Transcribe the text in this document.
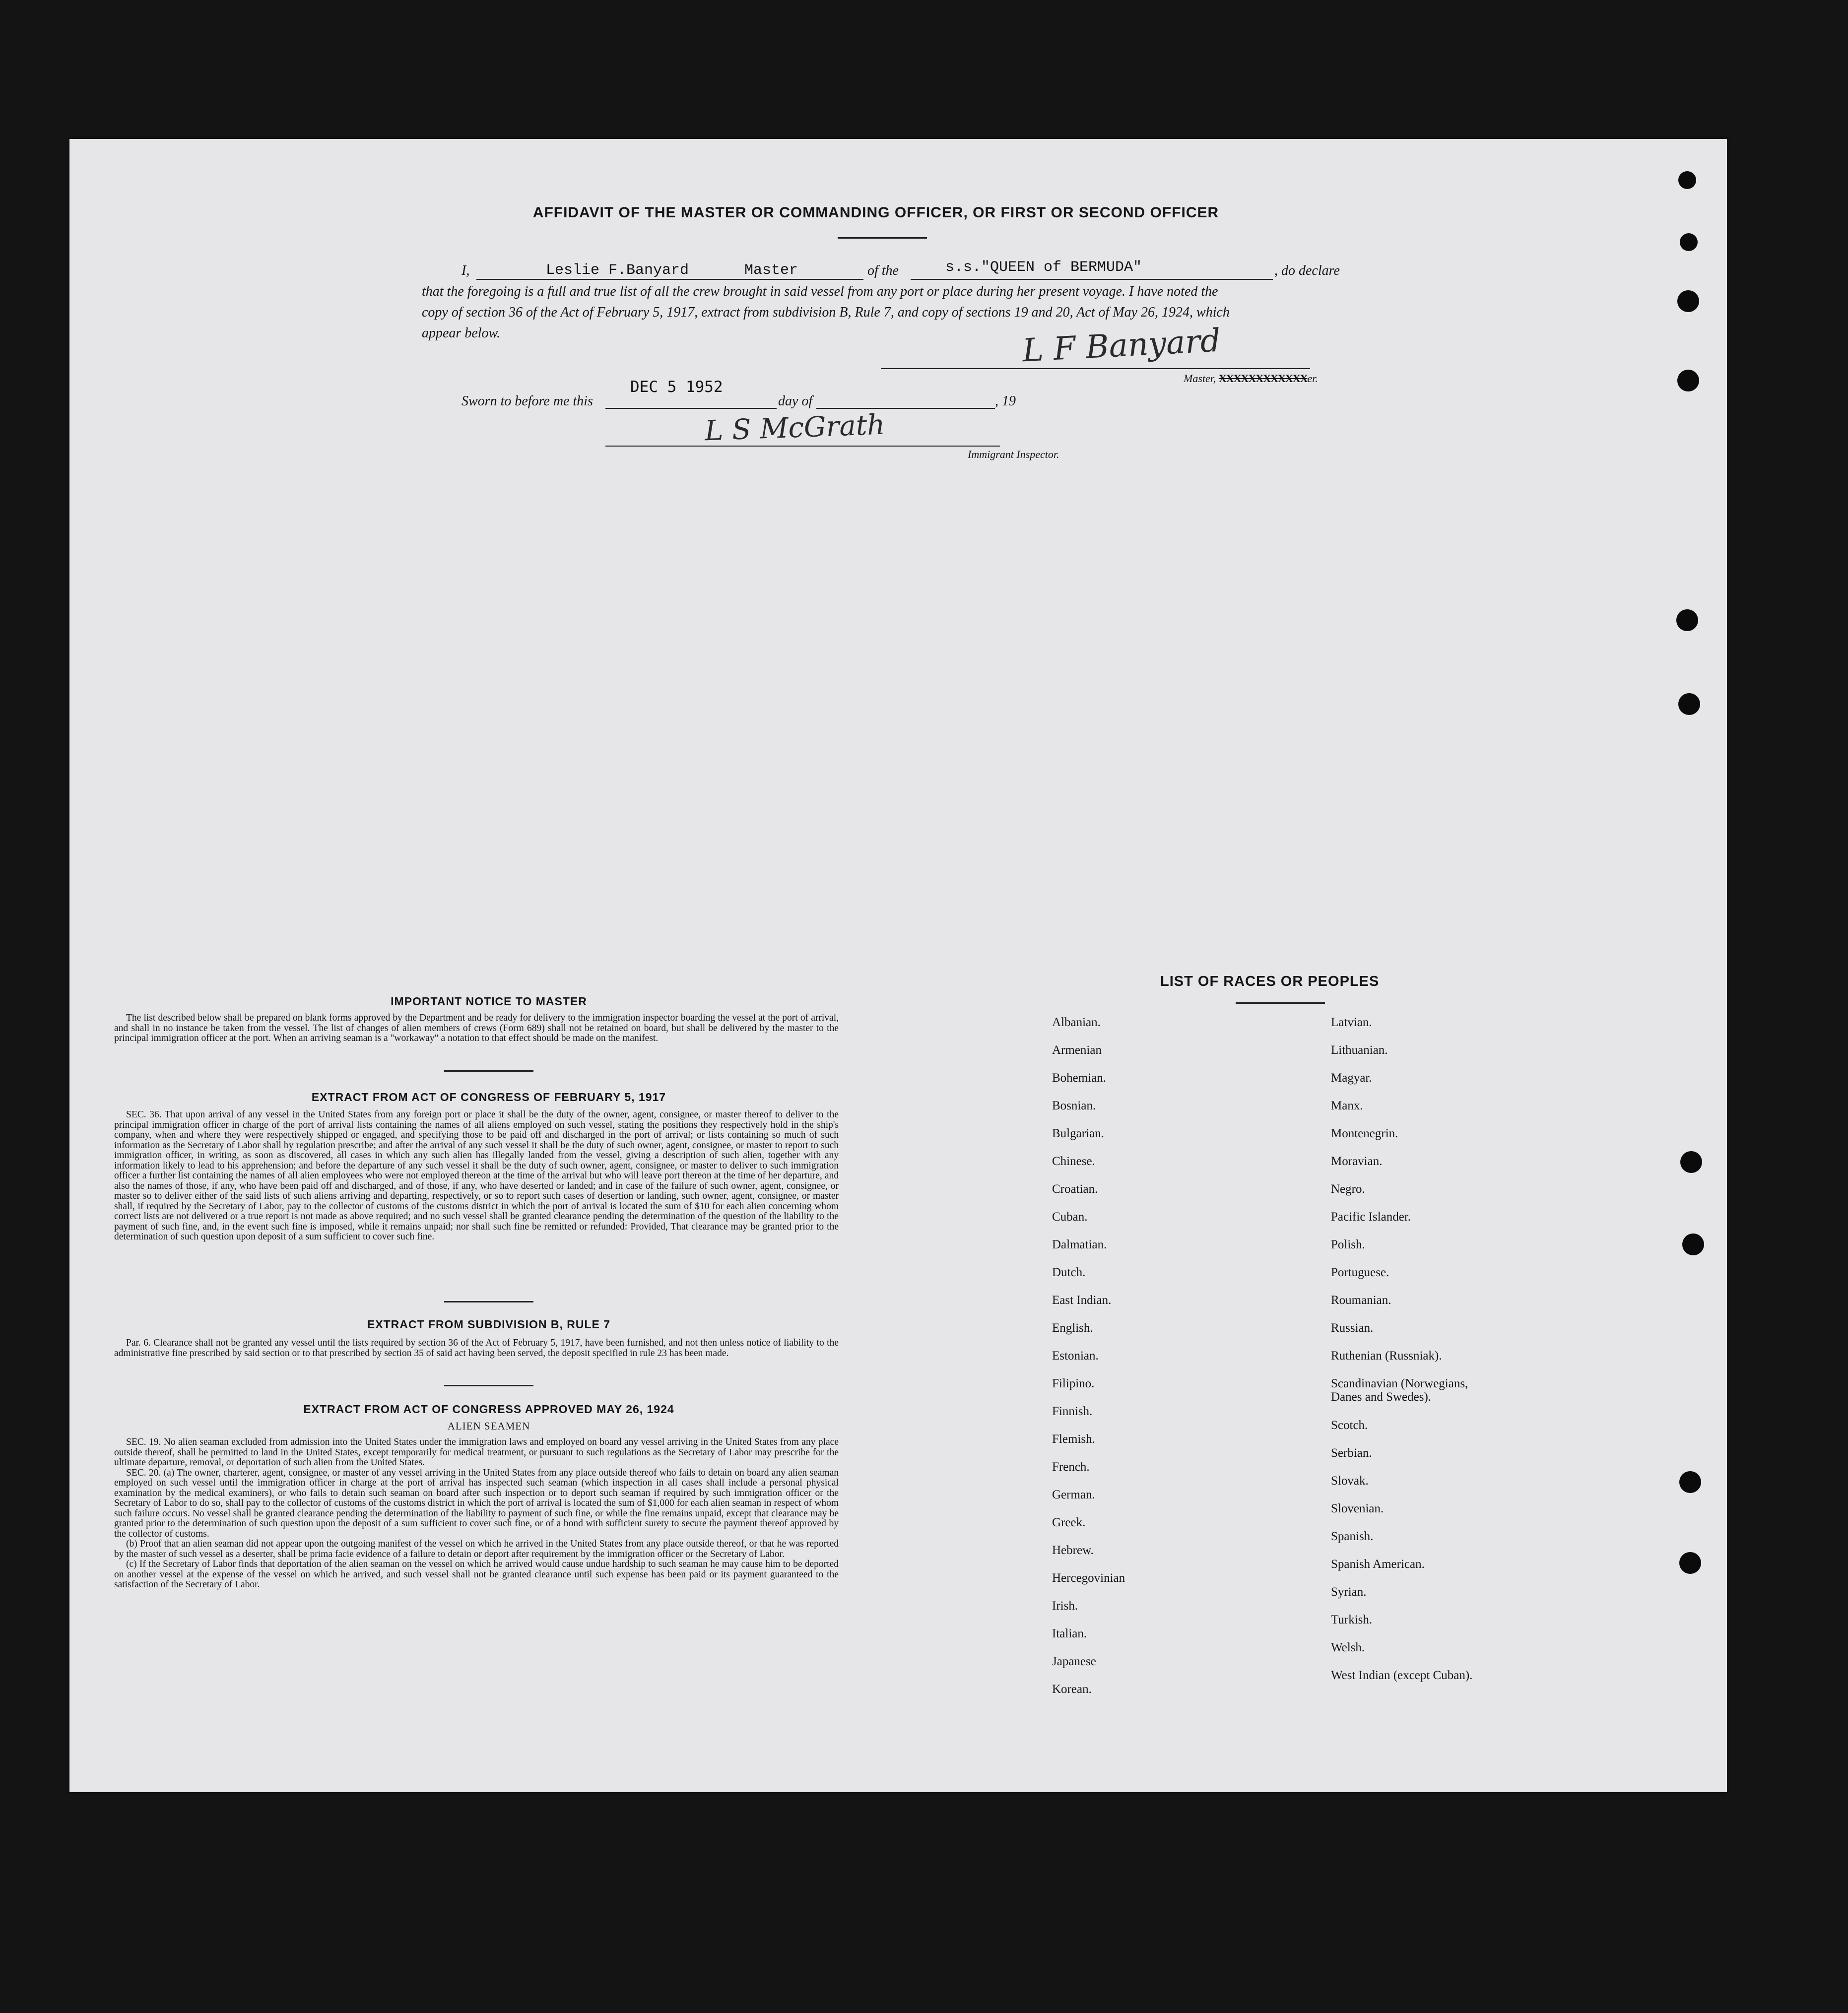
AFFIDAVIT OF THE MASTER OR COMMANDING OFFICER, OR FIRST OR SECOND OFFICER
I,	Leslie F.Banyard	Master	of the	s.s."QUEEN of BERMUDA"	, do declare
that the foregoing is a full and true list of all the crew brought in said vessel from any port or place during her present voyage. I have noted the
copy of section 36 of the Act of February 5, 1917, extract from subdivision B, Rule 7, and copy of sections 19 and 20, Act of May 26, 1924, which
appear below.	L F Banyard
Master, XXXXXXXXXXXXer.
Sworn to before me this
DEC 5 1952
day of	, 19
L S McGrath
Immigrant Inspector.
IMPORTANT NOTICE TO MASTER

The list described below shall be prepared on blank forms approved by the Department and be ready for delivery to the immigration inspector boarding the vessel at the port of arrival, and shall in no instance be taken from the vessel. The list of changes of alien members of crews (Form 689) shall not be retained on board, but shall be delivered by the master to the principal immigration officer at the port. When an arriving seaman is a "workaway" a notation to that effect should be made on the manifest.

EXTRACT FROM ACT OF CONGRESS OF FEBRUARY 5, 1917

SEC. 36. That upon arrival of any vessel in the United States from any foreign port or place it shall be the duty of the owner, agent, consignee, or master thereof to deliver to the principal immigration officer in charge of the port of arrival lists containing the names of all aliens employed on such vessel, stating the positions they respectively hold in the ship's company, when and where they were respectively shipped or engaged, and specifying those to be paid off and discharged in the port of arrival; or lists containing so much of such information as the Secretary of Labor shall by regulation prescribe; and after the arrival of any such vessel it shall be the duty of such owner, agent, consignee, or master to report to such immigration officer, in writing, as soon as discovered, all cases in which any such alien has illegally landed from the vessel, giving a description of such alien, together with any information likely to lead to his apprehension; and before the departure of any such vessel it shall be the duty of such owner, agent, consignee, or master to deliver to such immigration officer a further list containing the names of all alien employees who were not employed thereon at the time of the arrival but who will leave port thereon at the time of her departure, and also the names of those, if any, who have been paid off and discharged, and of those, if any, who have deserted or landed; and in case of the failure of such owner, agent, consignee, or master so to deliver either of the said lists of such aliens arriving and departing, respectively, or so to report such cases of desertion or landing, such owner, agent, consignee, or master shall, if required by the Secretary of Labor, pay to the collector of customs of the customs district in which the port of arrival is located the sum of $10 for each alien concerning whom correct lists are not delivered or a true report is not made as above required; and no such vessel shall be granted clearance pending the determination of the question of the liability to the payment of such fine, and, in the event such fine is imposed, while it remains unpaid; nor shall such fine be remitted or refunded: Provided, That clearance may be granted prior to the determination of such question upon deposit of a sum sufficient to cover such fine.

EXTRACT FROM SUBDIVISION B, RULE 7

Par. 6. Clearance shall not be granted any vessel until the lists required by section 36 of the Act of February 5, 1917, have been furnished, and not then unless notice of liability to the administrative fine prescribed by said section or to that prescribed by section 35 of said act having been served, the deposit specified in rule 23 has been made.

EXTRACT FROM ACT OF CONGRESS APPROVED MAY 26, 1924
ALIEN SEAMEN

SEC. 19. No alien seaman excluded from admission into the United States under the immigration laws and employed on board any vessel arriving in the United States from any place outside thereof, shall be permitted to land in the United States, except temporarily for medical treatment, or pursuant to such regulations as the Secretary of Labor may prescribe for the ultimate departure, removal, or deportation of such alien from the United States.

SEC. 20. (a) The owner, charterer, agent, consignee, or master of any vessel arriving in the United States from any place outside thereof who fails to detain on board any alien seaman employed on such vessel until the immigration officer in charge at the port of arrival has inspected such seaman (which inspection in all cases shall include a personal physical examination by the medical examiners), or who fails to detain such seaman on board after such inspection or to deport such seaman if required by such immigration officer or the Secretary of Labor to do so, shall pay to the collector of customs of the customs district in which the port of arrival is located the sum of $1,000 for each alien seaman in respect of whom such failure occurs. No vessel shall be granted clearance pending the determination of the liability to payment of such fine, or while the fine remains unpaid, except that clearance may be granted prior to the determination of such question upon the deposit of a sum sufficient to cover such fine, or of a bond with sufficient surety to secure the payment thereof approved by the collector of customs.

(b) Proof that an alien seaman did not appear upon the outgoing manifest of the vessel on which he arrived in the United States from any place outside thereof, or that he was reported by the master of such vessel as a deserter, shall be prima facie evidence of a failure to detain or deport after requirement by the immigration officer or the Secretary of Labor.

(c) If the Secretary of Labor finds that deportation of the alien seaman on the vessel on which he arrived would cause undue hardship to such seaman he may cause him to be deported on another vessel at the expense of the vessel on which he arrived, and such vessel shall not be granted clearance until such expense has been paid or its payment guaranteed to the satisfaction of the Secretary of Labor.

LIST OF RACES OR PEOPLES
Albanian.
Armenian
Bohemian.
Bosnian.
Bulgarian.
Chinese.
Croatian.
Cuban.
Dalmatian.
Dutch.
East Indian.
English.
Estonian.
Filipino.
Finnish.
Flemish.
French.
German.
Greek.
Hebrew.
Hercegovinian
Irish.
Italian.
Japanese
Korean.
Latvian.
Lithuanian.
Magyar.
Manx.
Montenegrin.
Moravian.
Negro.
Pacific Islander.
Polish.
Portuguese.
Roumanian.
Russian.
Ruthenian (Russniak).
Scandinavian (Norwegians,
Danes and Swedes).
Scotch.
Serbian.
Slovak.
Slovenian.
Spanish.
Spanish American.
Syrian.
Turkish.
Welsh.
West Indian (except Cuban).
